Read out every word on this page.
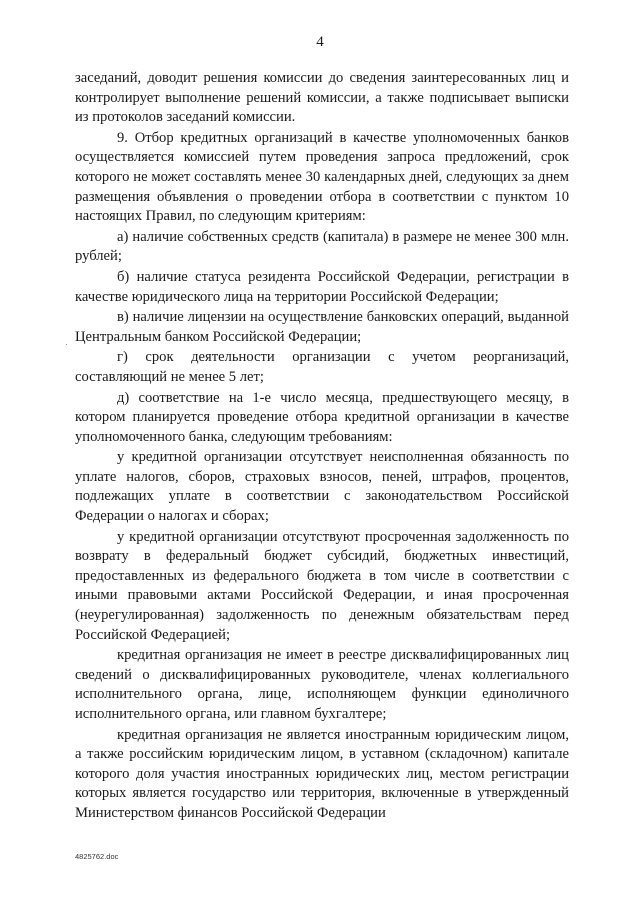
4

заседаний, доводит решения комиссии до сведения заинтересованных лиц и контролирует выполнение решений комиссии, а также подписывает выписки из протоколов заседаний комиссии.

9. Отбор кредитных организаций в качестве уполномоченных банков осуществляется комиссией путем проведения запроса предложений, срок которого не может составлять менее 30 календарных дней, следующих за днем размещения объявления о проведении отбора в соответствии с пунктом 10 настоящих Правил, по следующим критериям:

а) наличие собственных средств (капитала) в размере не менее 300 млн. рублей;

б) наличие статуса резидента Российской Федерации, регистрации в качестве юридического лица на территории Российской Федерации;

в) наличие лицензии на осуществление банковских операций, выданной Центральным банком Российской Федерации;

г) срок деятельности организации с учетом реорганизаций, составляющий не менее 5 лет;

д) соответствие на 1-е число месяца, предшествующего месяцу, в котором планируется проведение отбора кредитной организации в качестве уполномоченного банка, следующим требованиям:

у кредитной организации отсутствует неисполненная обязанность по уплате налогов, сборов, страховых взносов, пеней, штрафов, процентов, подлежащих уплате в соответствии с законодательством Российской Федерации о налогах и сборах;

у кредитной организации отсутствуют просроченная задолженность по возврату в федеральный бюджет субсидий, бюджетных инвестиций, предоставленных из федерального бюджета в том числе в соответствии с иными правовыми актами Российской Федерации, и иная просроченная (неурегулированная) задолженность по денежным обязательствам перед Российской Федерацией;

кредитная организация не имеет в реестре дисквалифицированных лиц сведений о дисквалифицированных руководителе, членах коллегиального исполнительного органа, лице, исполняющем функции единоличного исполнительного органа, или главном бухгалтере;

кредитная организация не является иностранным юридическим лицом, а также российским юридическим лицом, в уставном (складочном) капитале которого доля участия иностранных юридических лиц, местом регистрации которых является государство или территория, включенные в утвержденный Министерством финансов Российской Федерации

4825762.doc
